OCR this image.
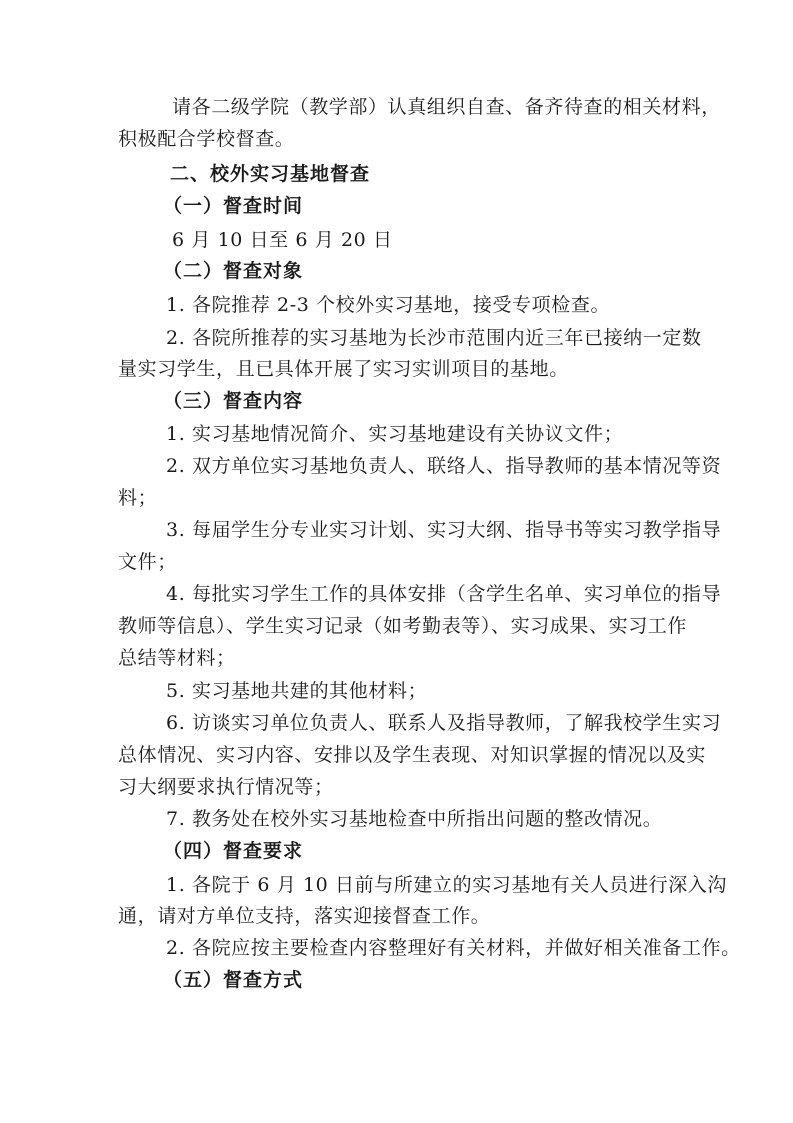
请各二级学院（教学部）认真组织自查、备齐待查的相关材料，
积极配合学校督查。
二、校外实习基地督查
（一）督查时间
6 月 10 日至 6 月 20 日
（二）督查对象
1. 各院推荐 2-3 个校外实习基地，接受专项检查。
2. 各院所推荐的实习基地为长沙市范围内近三年已接纳一定数
量实习学生，且已具体开展了实习实训项目的基地。
（三）督查内容
1. 实习基地情况简介、实习基地建设有关协议文件；
2. 双方单位实习基地负责人、联络人、指导教师的基本情况等资
料；
3. 每届学生分专业实习计划、实习大纲、指导书等实习教学指导
文件；
4. 每批实习学生工作的具体安排（含学生名单、实习单位的指导
教师等信息）、学生实习记录（如考勤表等）、实习成果、实习工作
总结等材料；
5. 实习基地共建的其他材料；
6. 访谈实习单位负责人、联系人及指导教师，了解我校学生实习
总体情况、实习内容、安排以及学生表现、对知识掌握的情况以及实
习大纲要求执行情况等；
7. 教务处在校外实习基地检查中所指出问题的整改情况。
（四）督查要求
1. 各院于 6 月 10 日前与所建立的实习基地有关人员进行深入沟
通，请对方单位支持，落实迎接督查工作。
2. 各院应按主要检查内容整理好有关材料，并做好相关准备工作。
（五）督查方式
